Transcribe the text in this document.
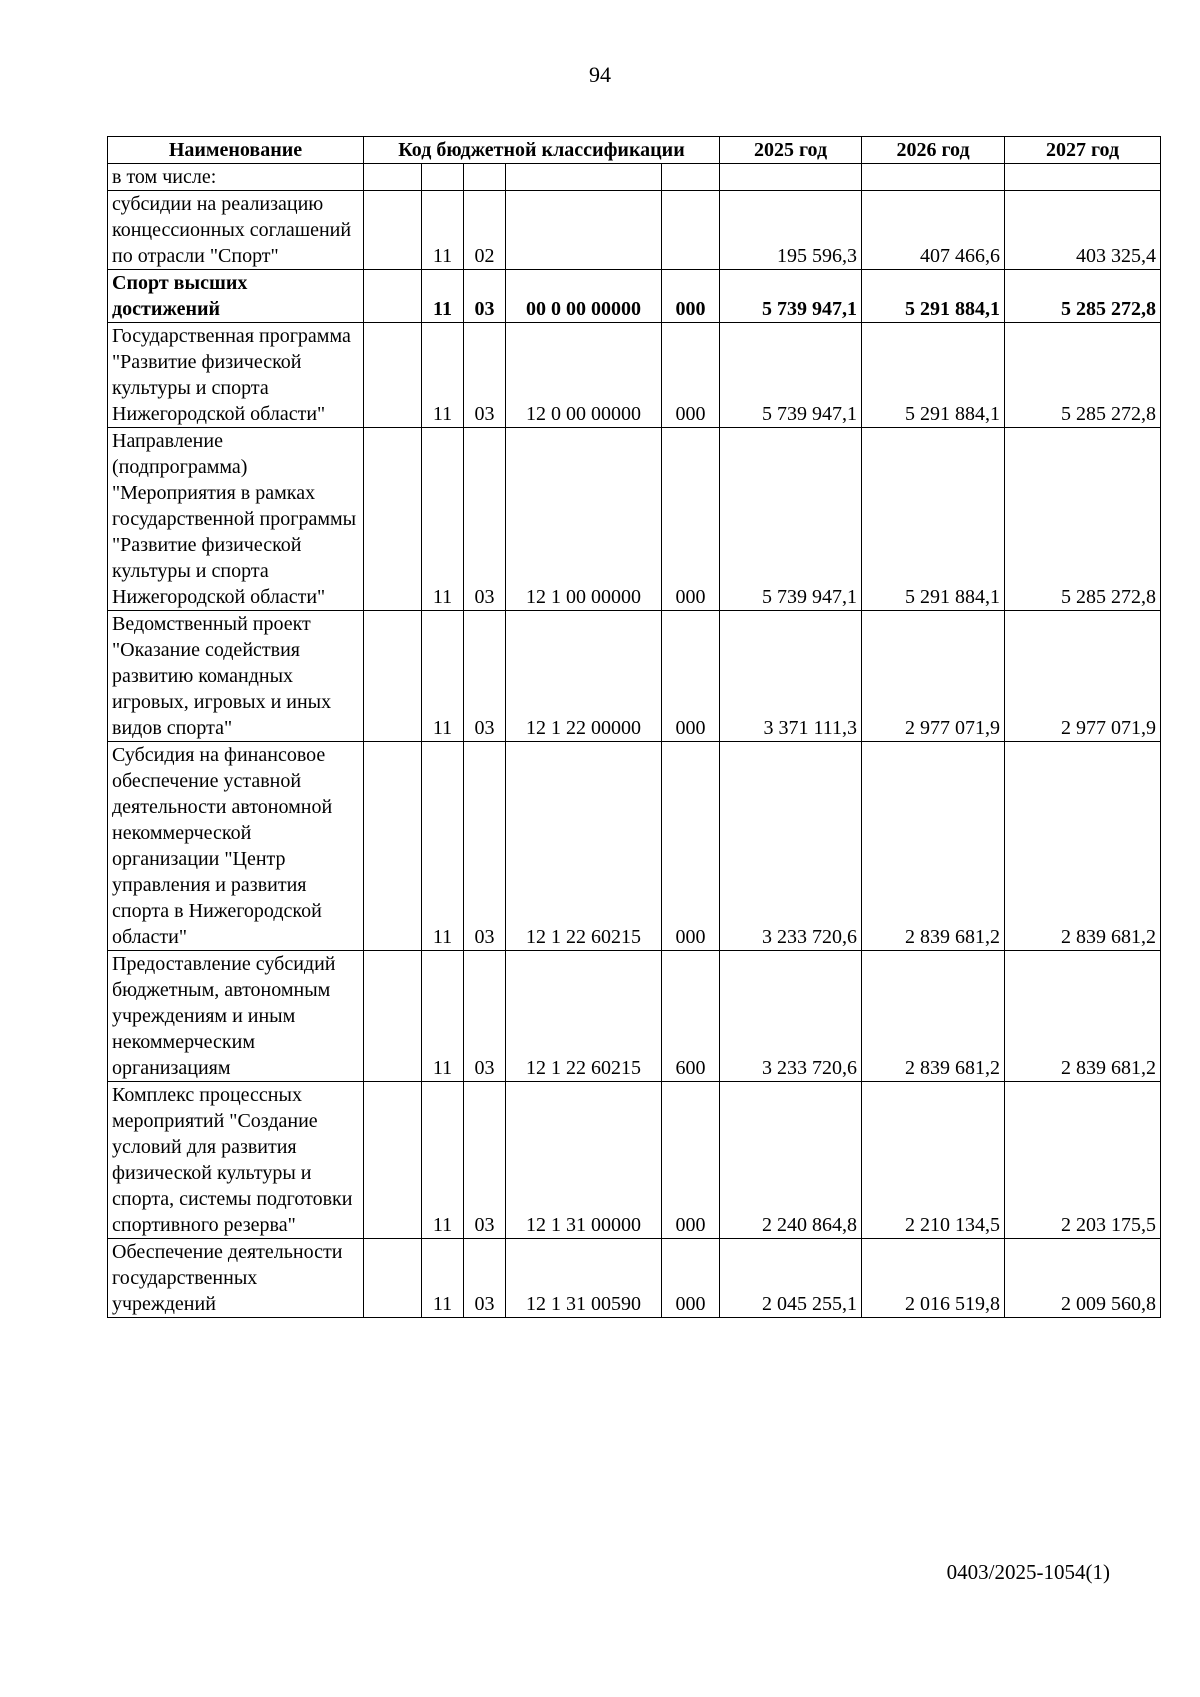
94
Наименование	Код бюджетной классификации					2025 год	2026 год	2027 год
в том числе:								
субсидии на реализацию концессионных соглашений по отрасли "Спорт"		11	02			195 596,3	407 466,6	403 325,4
Спорт высших достижений		11	03	00 0 00 00000	000	5 739 947,1	5 291 884,1	5 285 272,8
Государственная программа "Развитие физической культуры и спорта Нижегородской области"		11	03	12 0 00 00000	000	5 739 947,1	5 291 884,1	5 285 272,8
Направление (подпрограмма) "Мероприятия в рамках государственной программы "Развитие физической культуры и спорта Нижегородской области"		11	03	12 1 00 00000	000	5 739 947,1	5 291 884,1	5 285 272,8
Ведомственный проект "Оказание содействия развитию командных игровых, игровых и иных видов спорта"		11	03	12 1 22 00000	000	3 371 111,3	2 977 071,9	2 977 071,9
Субсидия на финансовое обеспечение уставной деятельности автономной некоммерческой организации "Центр управления и развития спорта в Нижегородской области"		11	03	12 1 22 60215	000	3 233 720,6	2 839 681,2	2 839 681,2
Предоставление субсидий бюджетным, автономным учреждениям и иным некоммерческим организациям		11	03	12 1 22 60215	600	3 233 720,6	2 839 681,2	2 839 681,2
Комплекс процессных мероприятий "Создание условий для развития физической культуры и спорта, системы подготовки спортивного резерва"		11	03	12 1 31 00000	000	2 240 864,8	2 210 134,5	2 203 175,5
Обеспечение деятельности государственных учреждений		11	03	12 1 31 00590	000	2 045 255,1	2 016 519,8	2 009 560,8
0403/2025-1054(1)
